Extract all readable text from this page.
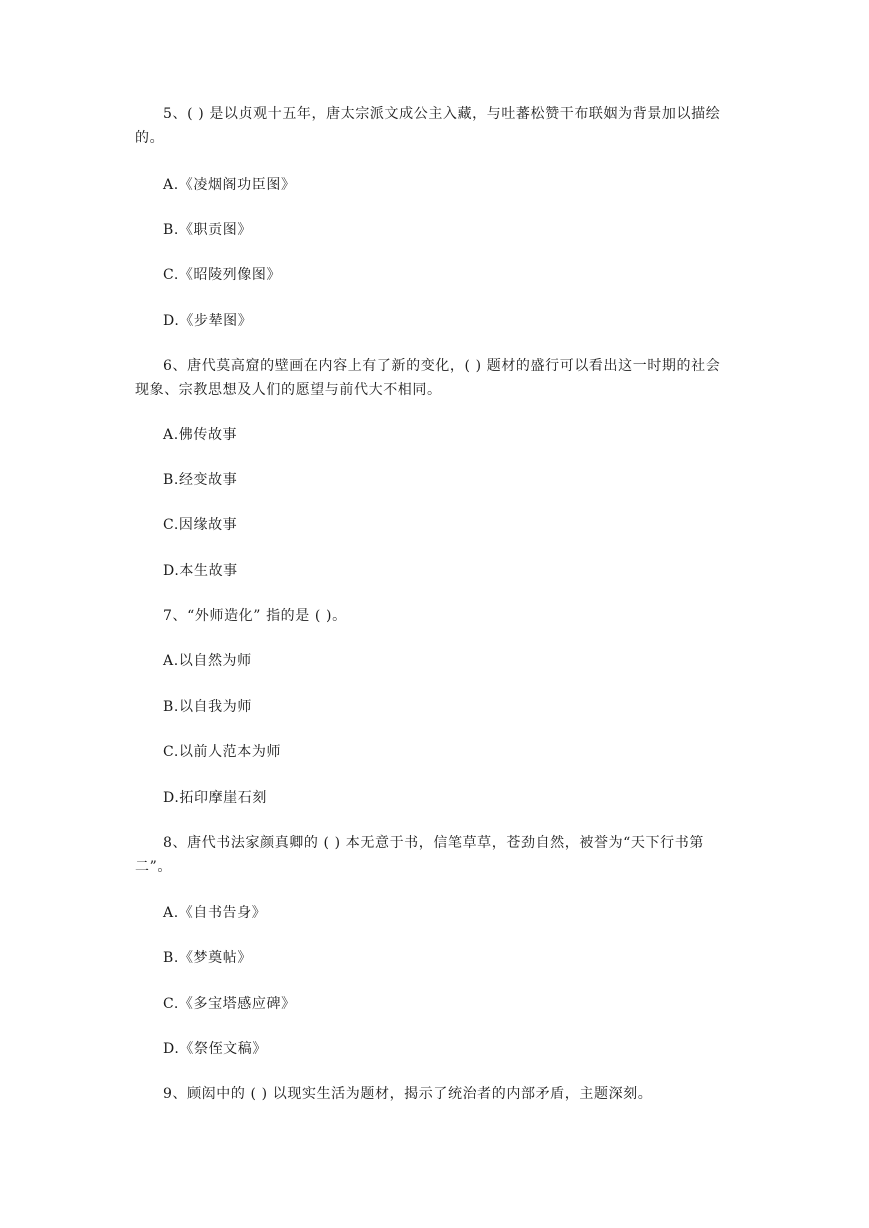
5、( ) 是以贞观十五年，唐太宗派文成公主入藏，与吐蕃松赞干布联姻为背景加以描绘
的。
A.《凌烟阁功臣图》
B.《职贡图》
C.《昭陵列像图》
D.《步辇图》
6、唐代莫高窟的壁画在内容上有了新的变化，( ) 题材的盛行可以看出这一时期的社会
现象、宗教思想及人们的愿望与前代大不相同。
A.佛传故事
B.经变故事
C.因缘故事
D.本生故事
7、“外师造化” 指的是 ( )。
A.以自然为师
B.以自我为师
C.以前人范本为师
D.拓印摩崖石刻
8、唐代书法家颜真卿的 ( ) 本无意于书，信笔草草，苍劲自然，被誉为“天下行书第
二”。
A.《自书告身》
B.《梦奠帖》
C.《多宝塔感应碑》
D.《祭侄文稿》
9、顾闳中的 ( ) 以现实生活为题材，揭示了统治者的内部矛盾，主题深刻。
